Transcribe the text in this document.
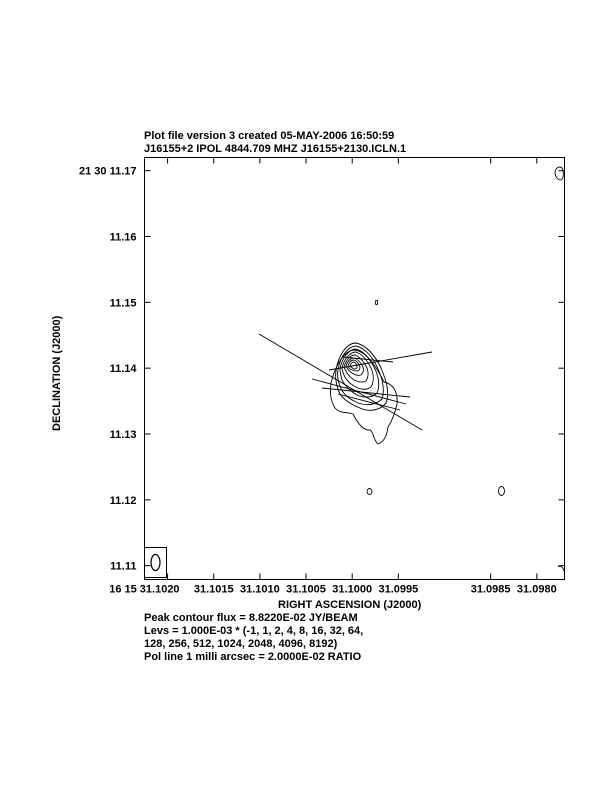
Plot file version 3 created 05-MAY-2006 16:50:59
J16155+2 IPOL 4844.709 MHZ J16155+2130.ICLN.1
16 15 31.1020 31.1015 31.1010 31.1005 31.1000 31.0995	31.0985 31.0980
21 30 11.17
11.16
11.15
11.14
11.13
11.12
11.11
RIGHT ASCENSION (J2000)
DECLINATION (J2000)
Peak contour flux = 8.8220E-02 JY/BEAM
Levs = 1.000E-03 * (-1, 1, 2, 4, 8, 16, 32, 64,
128, 256, 512, 1024, 2048, 4096, 8192)
Pol line 1 milli arcsec = 2.0000E-02 RATIO
